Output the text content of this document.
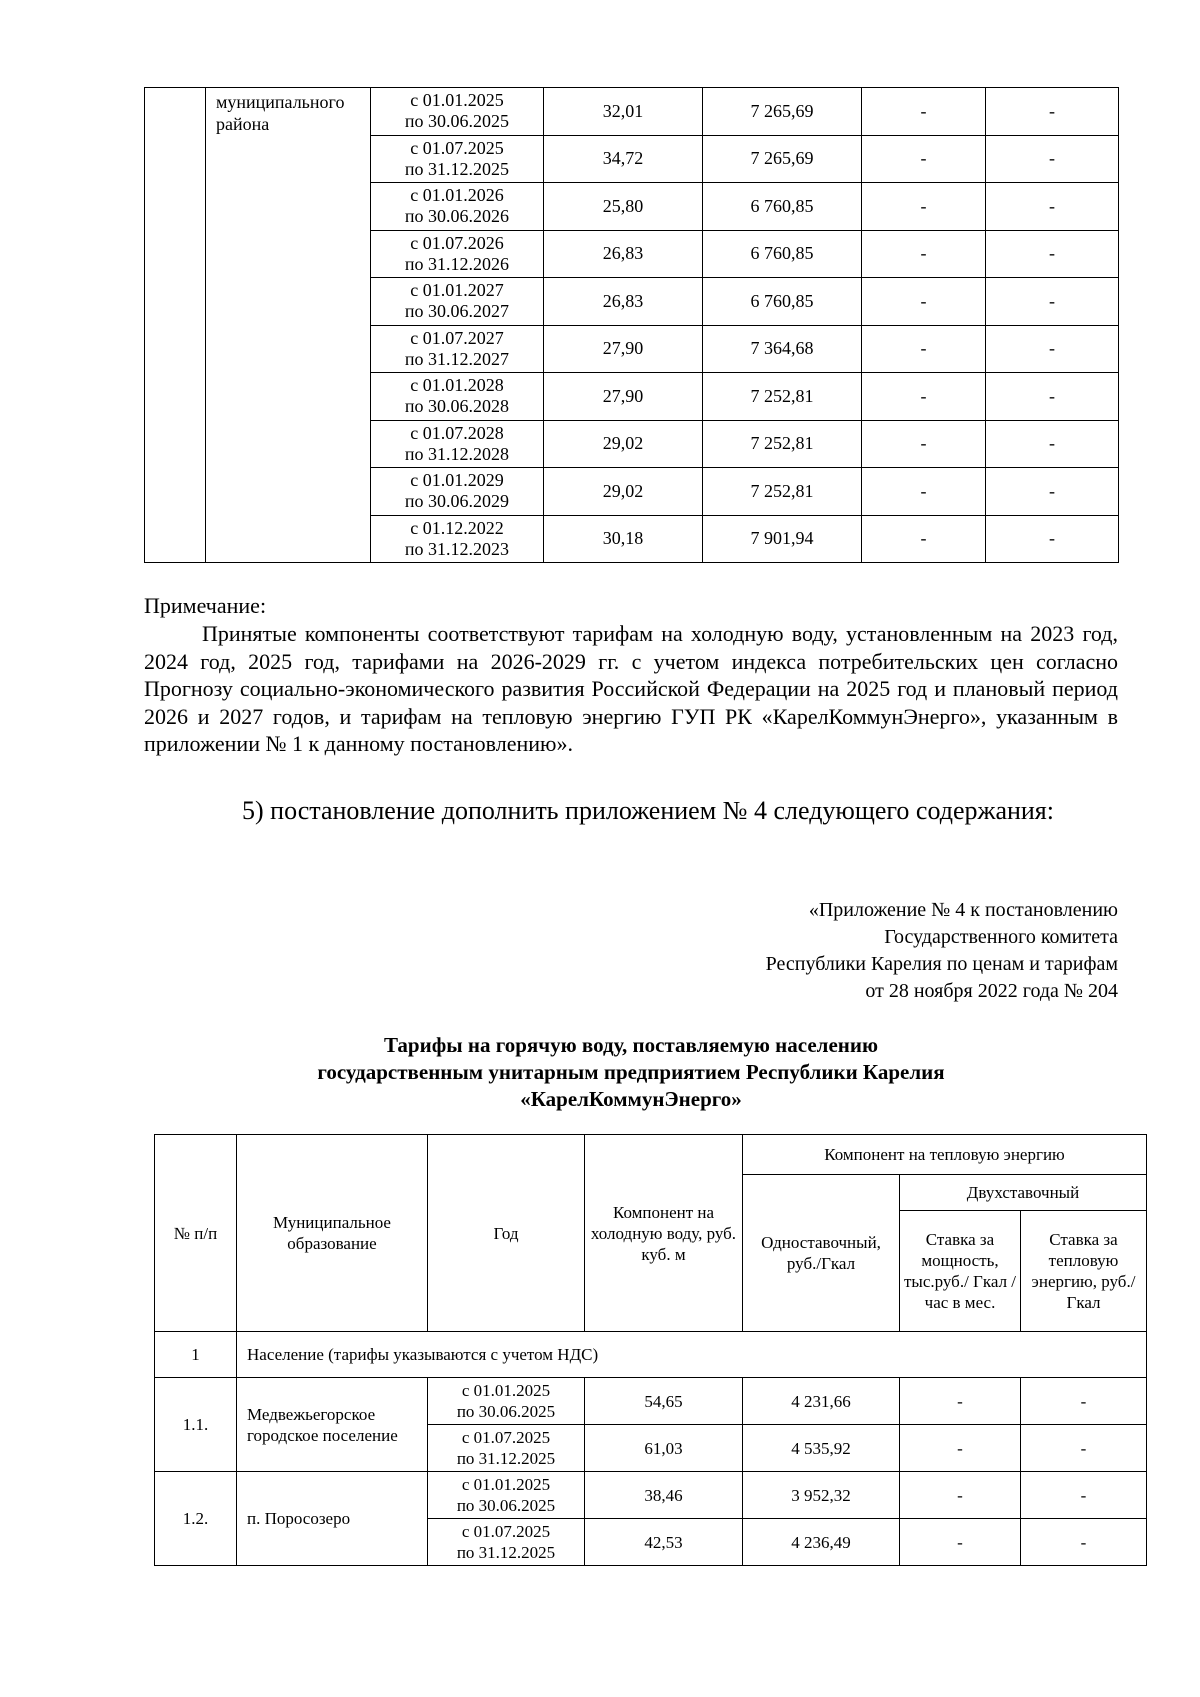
	муниципального района	с 01.01.2025
по 30.06.2025	32,01	7 265,69	-	-
		с 01.07.2025
по 31.12.2025	34,72	7 265,69	-	-
		с 01.01.2026
по 30.06.2026	25,80	6 760,85	-	-
		с 01.07.2026
по 31.12.2026	26,83	6 760,85	-	-
		с 01.01.2027
по 30.06.2027	26,83	6 760,85	-	-
		с 01.07.2027
по 31.12.2027	27,90	7 364,68	-	-
		с 01.01.2028
по 30.06.2028	27,90	7 252,81	-	-
		с 01.07.2028
по 31.12.2028	29,02	7 252,81	-	-
		с 01.01.2029
по 30.06.2029	29,02	7 252,81	-	-
		с 01.12.2022
по 31.12.2023	30,18	7 901,94	-	-
Примечание:
Принятые компоненты соответствуют тарифам на холодную воду, установленным на 2023 год, 2024 год, 2025 год, тарифами на 2026-2029 гг. с учетом индекса потребительских цен согласно Прогнозу социально-экономического развития Российской Федерации на 2025 год и плановый период 2026 и 2027 годов, и тарифам на тепловую энергию ГУП РК «КарелКоммунЭнерго», указанным в приложении № 1 к данному постановлению».
5) постановление дополнить приложением № 4 следующего содержания:
«Приложение № 4 к постановлению
Государственного комитета
Республики Карелия по ценам и тарифам
от 28 ноября 2022 года № 204
Тарифы на горячую воду, поставляемую населению
государственным унитарным предприятием Республики Карелия
«КарелКоммунЭнерго»
№ п/п	Муниципальное образование	Год	Компонент на холодную воду, руб. куб. м	Компонент на тепловую энергию		
				Одноставочный, руб./Гкал	Двухставочный	
					Ставка за мощность, тыс.руб./ Гкал / час в мес.	Ставка за тепловую энергию, руб./Гкал
1	Население (тарифы указываются с учетом НДС)					
1.1.	Медвежьегорское городское поселение	с 01.01.2025
по 30.06.2025	54,65	4 231,66	-	-
		с 01.07.2025
по 31.12.2025	61,03	4 535,92	-	-
1.2.	п. Поросозеро	с 01.01.2025
по 30.06.2025	38,46	3 952,32	-	-
		с 01.07.2025
по 31.12.2025	42,53	4 236,49	-	-
